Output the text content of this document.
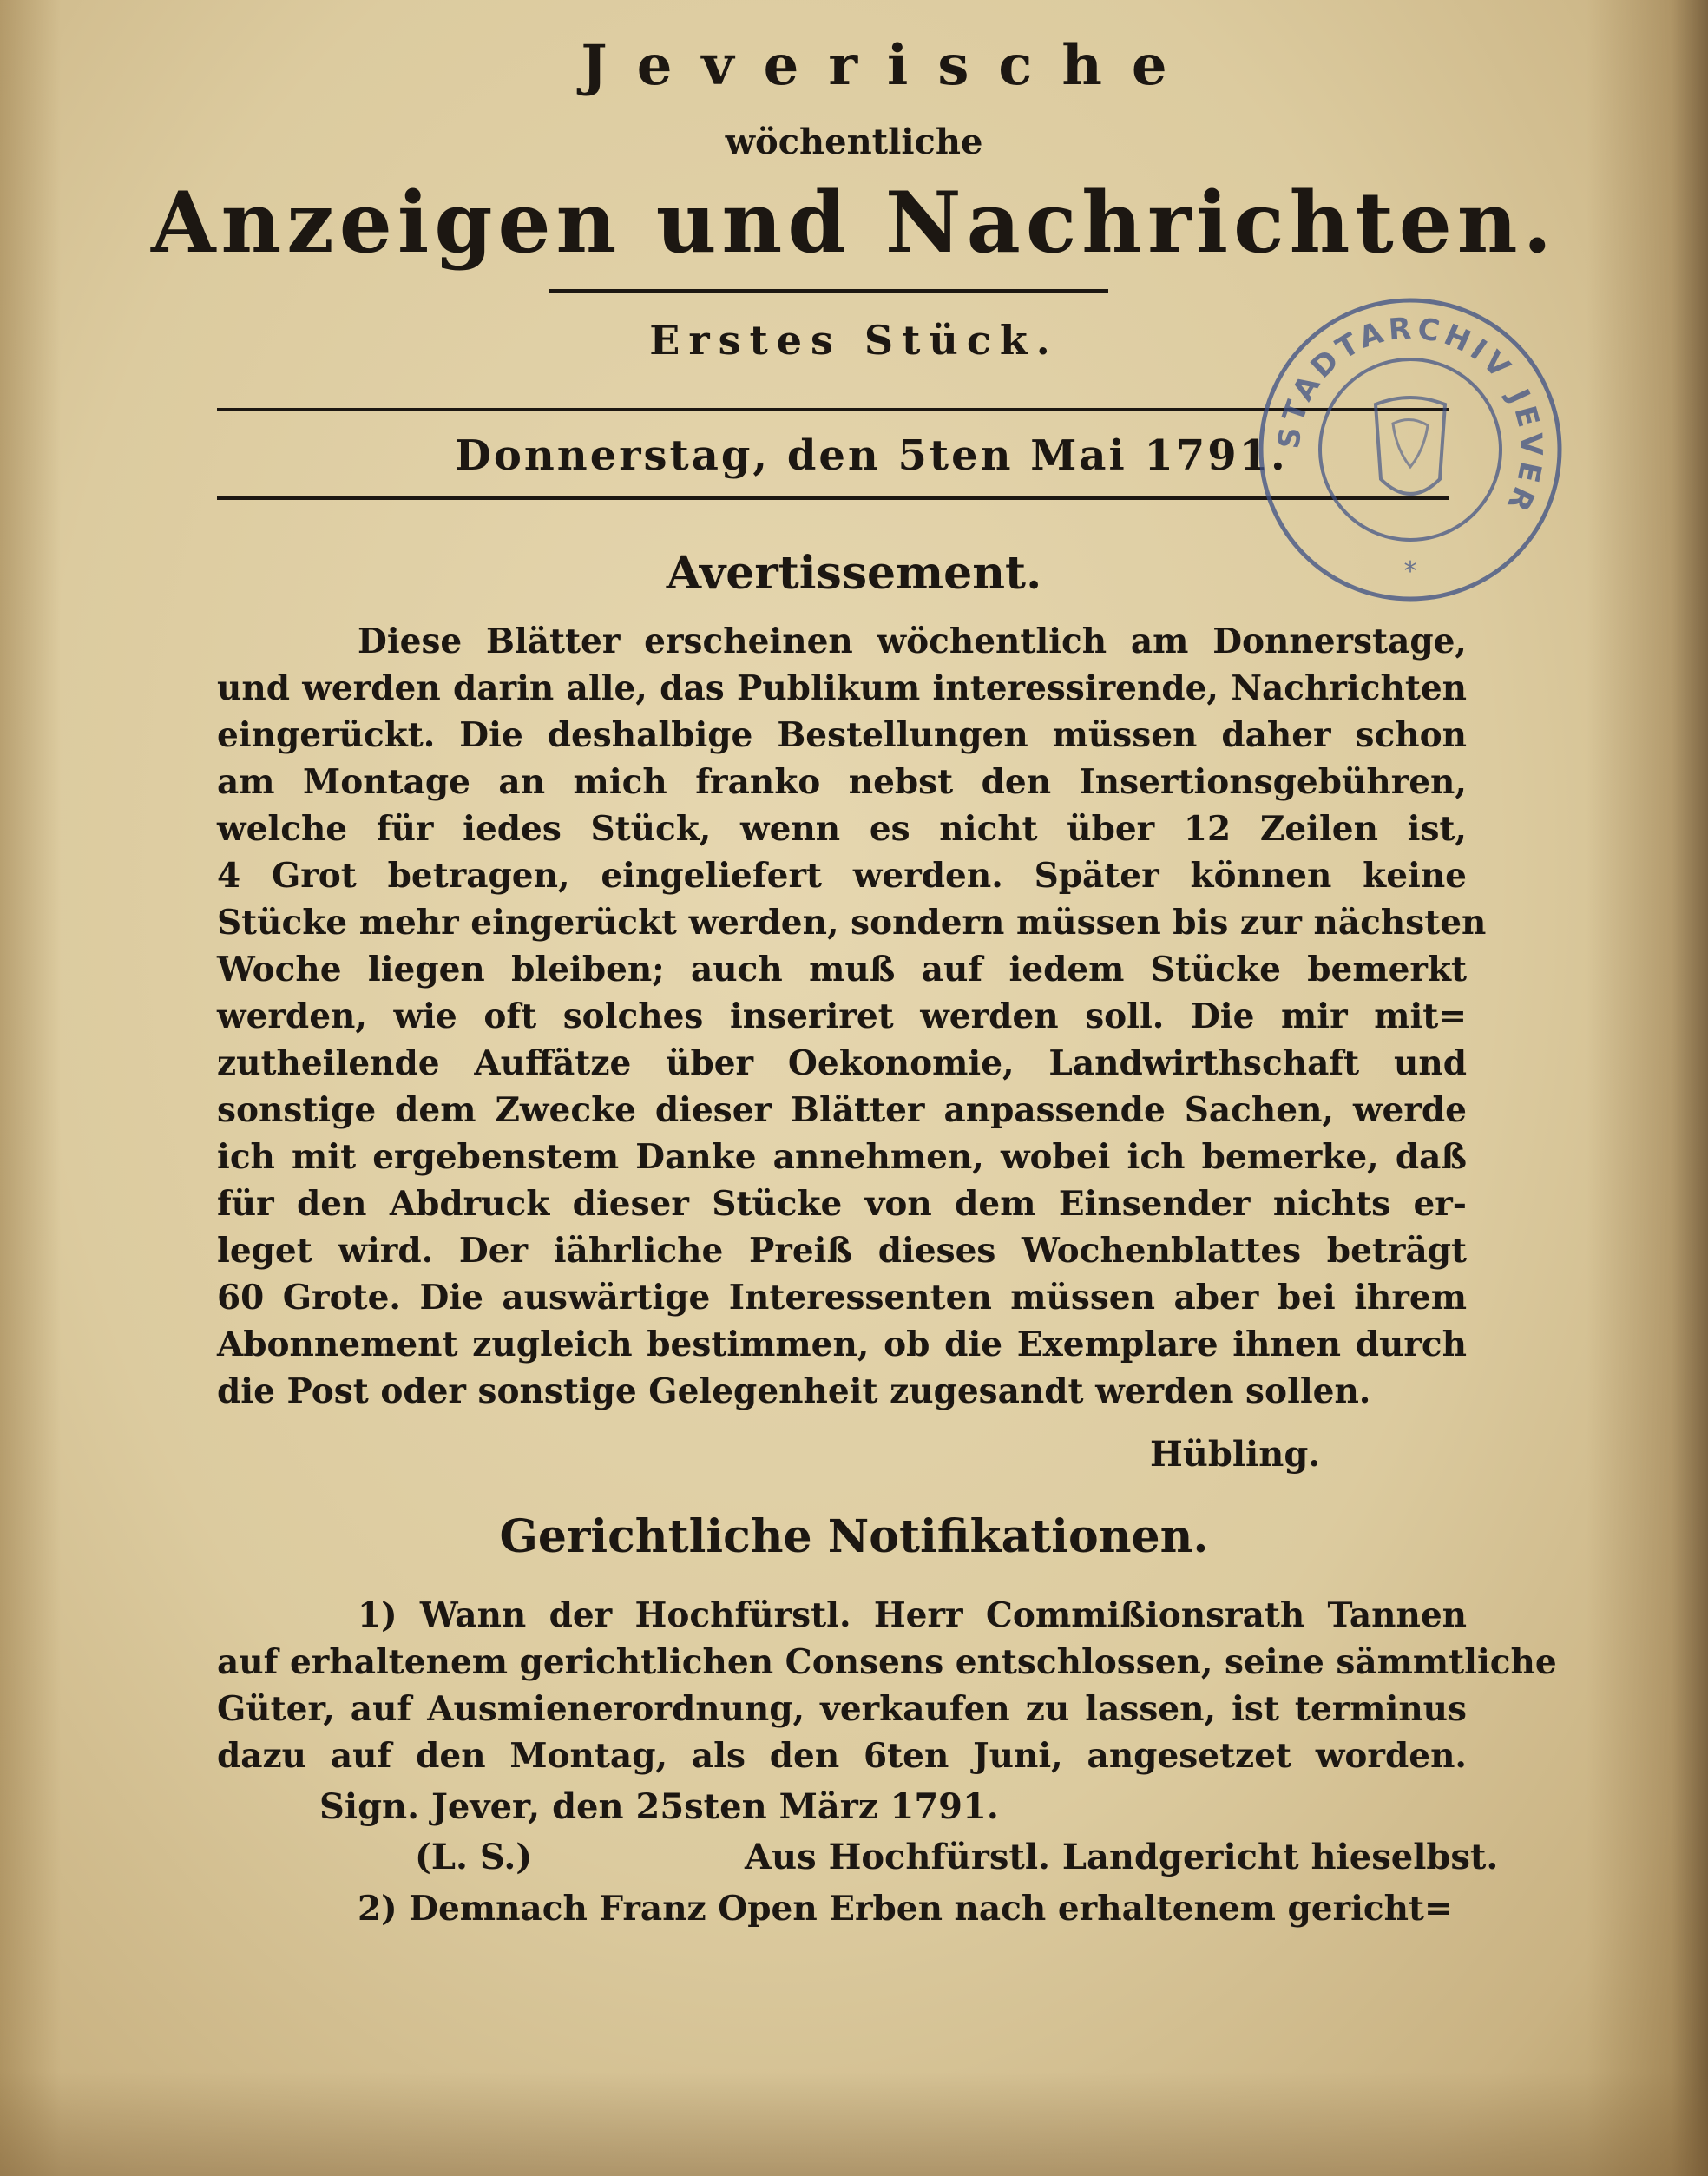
Jeverische
wöchentliche
Anzeigen und Nachrichten.
Erstes Stück.
Donnerstag, den 5ten Mai 1791.
STADTARCHIV JEVER
*
Avertissement.
Diese Blätter erscheinen wöchentlich am Donnerstage,
und werden darin alle, das Publikum interessirende, Nachrichten
eingerückt. Die deshalbige Bestellungen müssen daher schon
am Montage an mich franko nebst den Insertionsgebühren,
welche für iedes Stück, wenn es nicht über 12 Zeilen ist,
4 Grot betragen, eingeliefert werden. Später können keine
Stücke mehr eingerückt werden, sondern müssen bis zur nächsten
Woche liegen bleiben; auch muß auf iedem Stücke bemerkt
werden, wie oft solches inseriret werden soll. Die mir mit=
zutheilende Auffätze über Oekonomie, Landwirthschaft und
sonstige dem Zwecke dieser Blätter anpassende Sachen, werde
ich mit ergebenstem Danke annehmen, wobei ich bemerke, daß
für den Abdruck dieser Stücke von dem Einsender nichts er-
leget wird. Der iährliche Preiß dieses Wochenblattes beträgt
60 Grote. Die auswärtige Interessenten müssen aber bei ihrem
Abonnement zugleich bestimmen, ob die Exemplare ihnen durch
die Post oder sonstige Gelegenheit zugesandt werden sollen.
Hübling.
Gerichtliche Notifikationen.
1) Wann der Hochfürstl. Herr Commißionsrath Tannen
auf erhaltenem gerichtlichen Consens entschlossen, seine sämmtliche
Güter, auf Ausmienerordnung, verkaufen zu lassen, ist terminus
dazu auf den Montag, als den 6ten Juni, angesetzet worden.
Sign. Jever, den 25sten März 1791.
(L. S.)	Aus Hochfürstl. Landgericht hieselbst.
2) Demnach Franz Open Erben nach erhaltenem gericht=
